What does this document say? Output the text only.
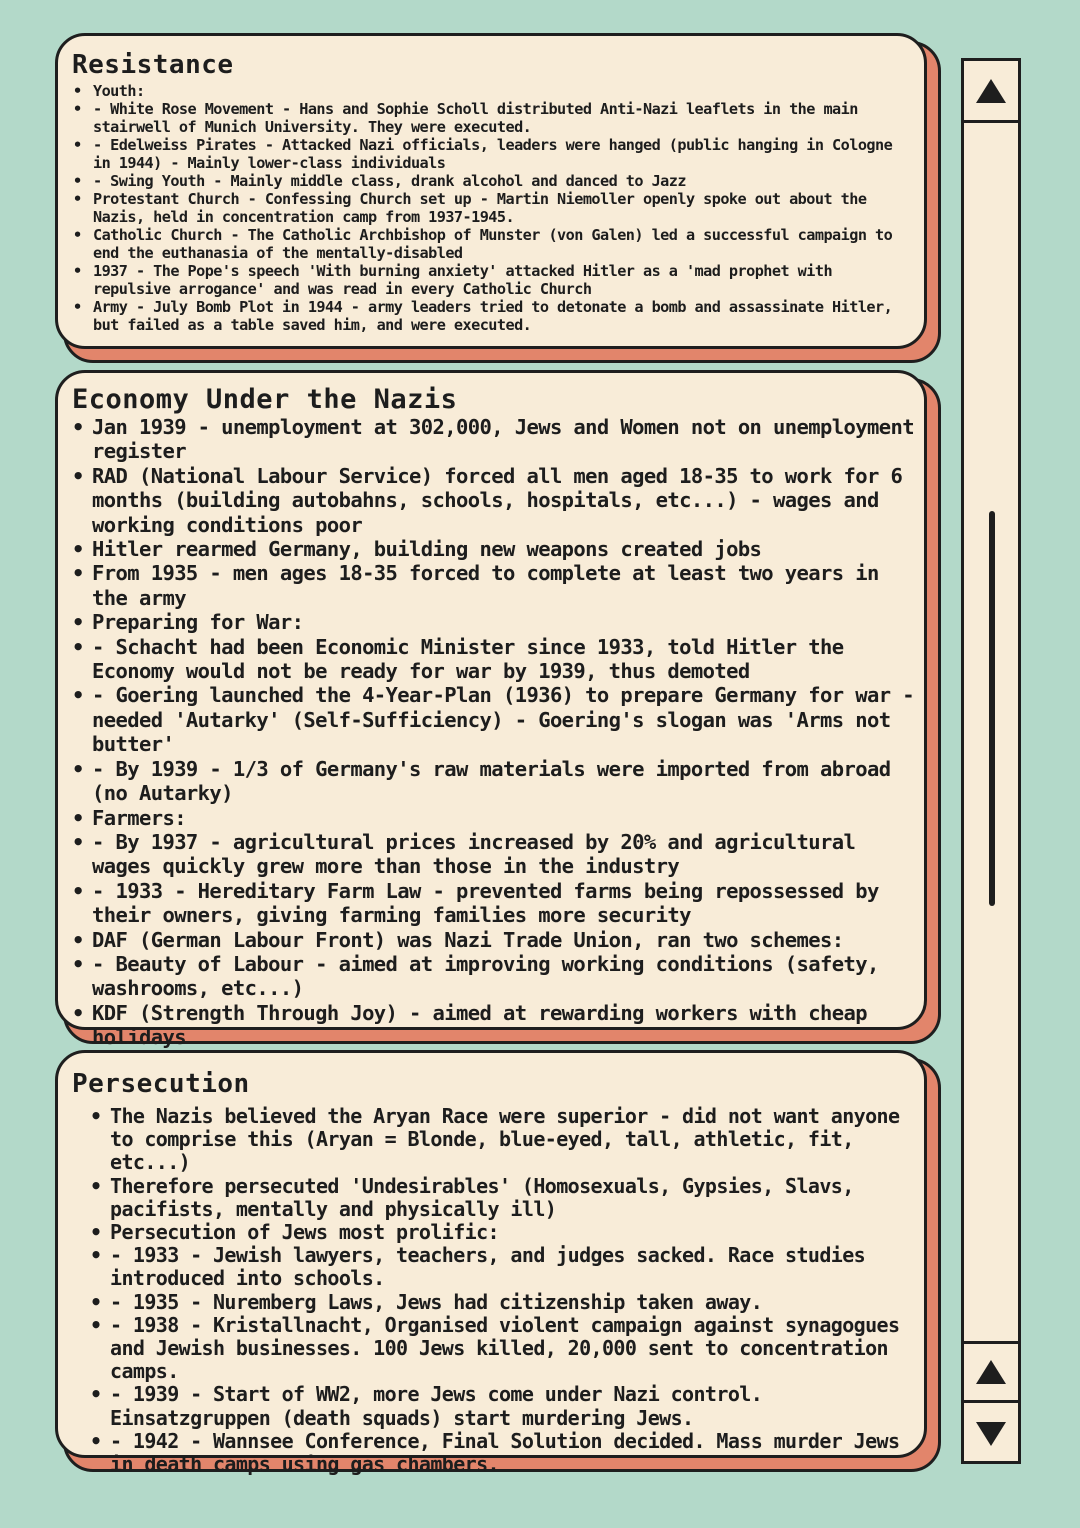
Resistance
• Youth:
• - White Rose Movement - Hans and Sophie Scholl distributed Anti-Nazi leaflets in the main stairwell of Munich University. They were executed.
• - Edelweiss Pirates - Attacked Nazi officials, leaders were hanged (public hanging in Cologne in 1944) - Mainly lower-class individuals
• - Swing Youth - Mainly middle class, drank alcohol and danced to Jazz
• Protestant Church - Confessing Church set up - Martin Niemoller openly spoke out about the Nazis, held in concentration camp from 1937-1945.
• Catholic Church - The Catholic Archbishop of Munster (von Galen) led a successful campaign to end the euthanasia of the mentally-disabled
• 1937 - The Pope's speech 'With burning anxiety' attacked Hitler as a 'mad prophet with repulsive arrogance' and was read in every Catholic Church
• Army - July Bomb Plot in 1944 - army leaders tried to detonate a bomb and assassinate Hitler, but failed as a table saved him, and were executed.
Economy Under the Nazis
• Jan 1939 - unemployment at 302,000, Jews and Women not on unemployment register
• RAD (National Labour Service) forced all men aged 18-35 to work for 6 months (building autobahns, schools, hospitals, etc...) - wages and working conditions poor
• Hitler rearmed Germany, building new weapons created jobs
• From 1935 - men ages 18-35 forced to complete at least two years in the army
• Preparing for War:
• - Schacht had been Economic Minister since 1933, told Hitler the Economy would not be ready for war by 1939, thus demoted
• - Goering launched the 4-Year-Plan (1936) to prepare Germany for war - needed 'Autarky' (Self-Sufficiency) - Goering's slogan was 'Arms not butter'
• - By 1939 - 1/3 of Germany's raw materials were imported from abroad (no Autarky)
• Farmers:
• - By 1937 - agricultural prices increased by 20% and agricultural wages quickly grew more than those in the industry
• - 1933 - Hereditary Farm Law - prevented farms being repossessed by their owners, giving farming families more security
• DAF (German Labour Front) was Nazi Trade Union, ran two schemes:
• - Beauty of Labour - aimed at improving working conditions (safety, washrooms, etc...)
• KDF (Strength Through Joy) - aimed at rewarding workers with cheap holidays
Persecution
• The Nazis believed the Aryan Race were superior - did not want anyone to comprise this (Aryan = Blonde, blue-eyed, tall, athletic, fit, etc...)
• Therefore persecuted 'Undesirables' (Homosexuals, Gypsies, Slavs, pacifists, mentally and physically ill)
• Persecution of Jews most prolific:
• - 1933 - Jewish lawyers, teachers, and judges sacked. Race studies introduced into schools.
• - 1935 - Nuremberg Laws, Jews had citizenship taken away.
• - 1938 - Kristallnacht, Organised violent campaign against synagogues and Jewish businesses. 100 Jews killed, 20,000 sent to concentration camps.
• - 1939 - Start of WW2, more Jews come under Nazi control. Einsatzgruppen (death squads) start murdering Jews.
• - 1942 - Wannsee Conference, Final Solution decided. Mass murder Jews in death camps using gas chambers.
